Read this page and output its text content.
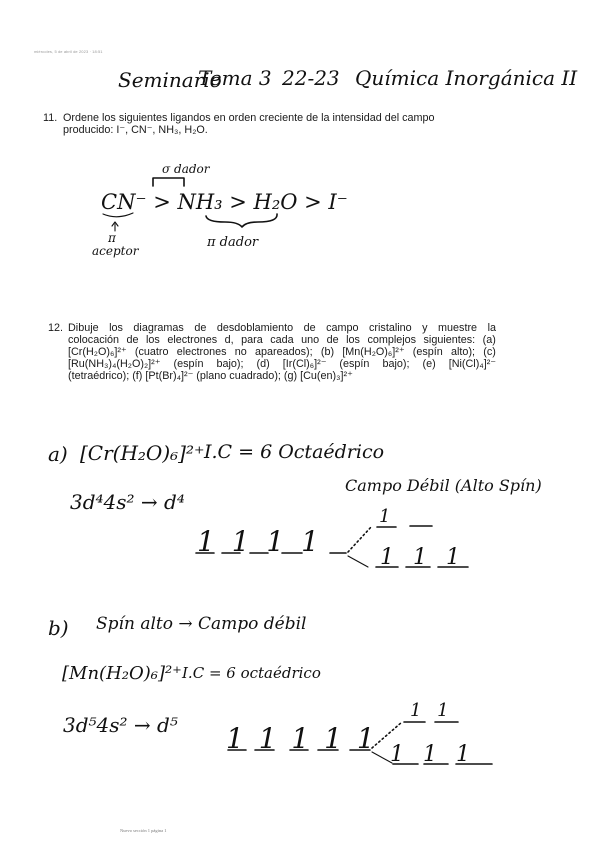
miércoles, 5 de abril de 2023 · 18:51
Seminario
Tema 3 22-23 Química Inorgánica II
11. Ordene los siguientes ligandos en orden creciente de la intensidad del campo
producido: I⁻, CN⁻, NH₃, H₂O.
σ dador
CN⁻ > NH₃ > H₂O > I⁻
π aceptor
π dador
12. Dibuje los diagramas de desdoblamiento de campo cristalino y muestre la
colocación de los electrones d, para cada uno de los complejos siguientes: (a)
[Cr(H₂O)₆]²⁺ (cuatro electrones no apareados); (b) [Mn(H₂O)₆]²⁺ (espín alto); (c)
[Ru(NH₃)₄(H₂O)₂]²⁺ (espín bajo); (d) [Ir(Cl)₆]²⁻ (espín bajo); (e) [Ni(Cl)₄]²⁻
(tetraédrico); (f) [Pt(Br)₄]²⁻ (plano cuadrado); (g) [Cu(en)₃]²⁺
a) [Cr(H₂O)₆]²⁺ I.C = 6 Octaédrico
3d⁴4s² → d⁴
Campo Débil (Alto Spín)
1 1 1 1
1
1 1 1
b) Spín alto → Campo débil
[Mn(H₂O)₆]²⁺ I.C = 6 octaédrico
3d⁵4s² → d⁵ 1 1 1 1 1
1 1
1 1 1
Nuevo sección 1 página 1
